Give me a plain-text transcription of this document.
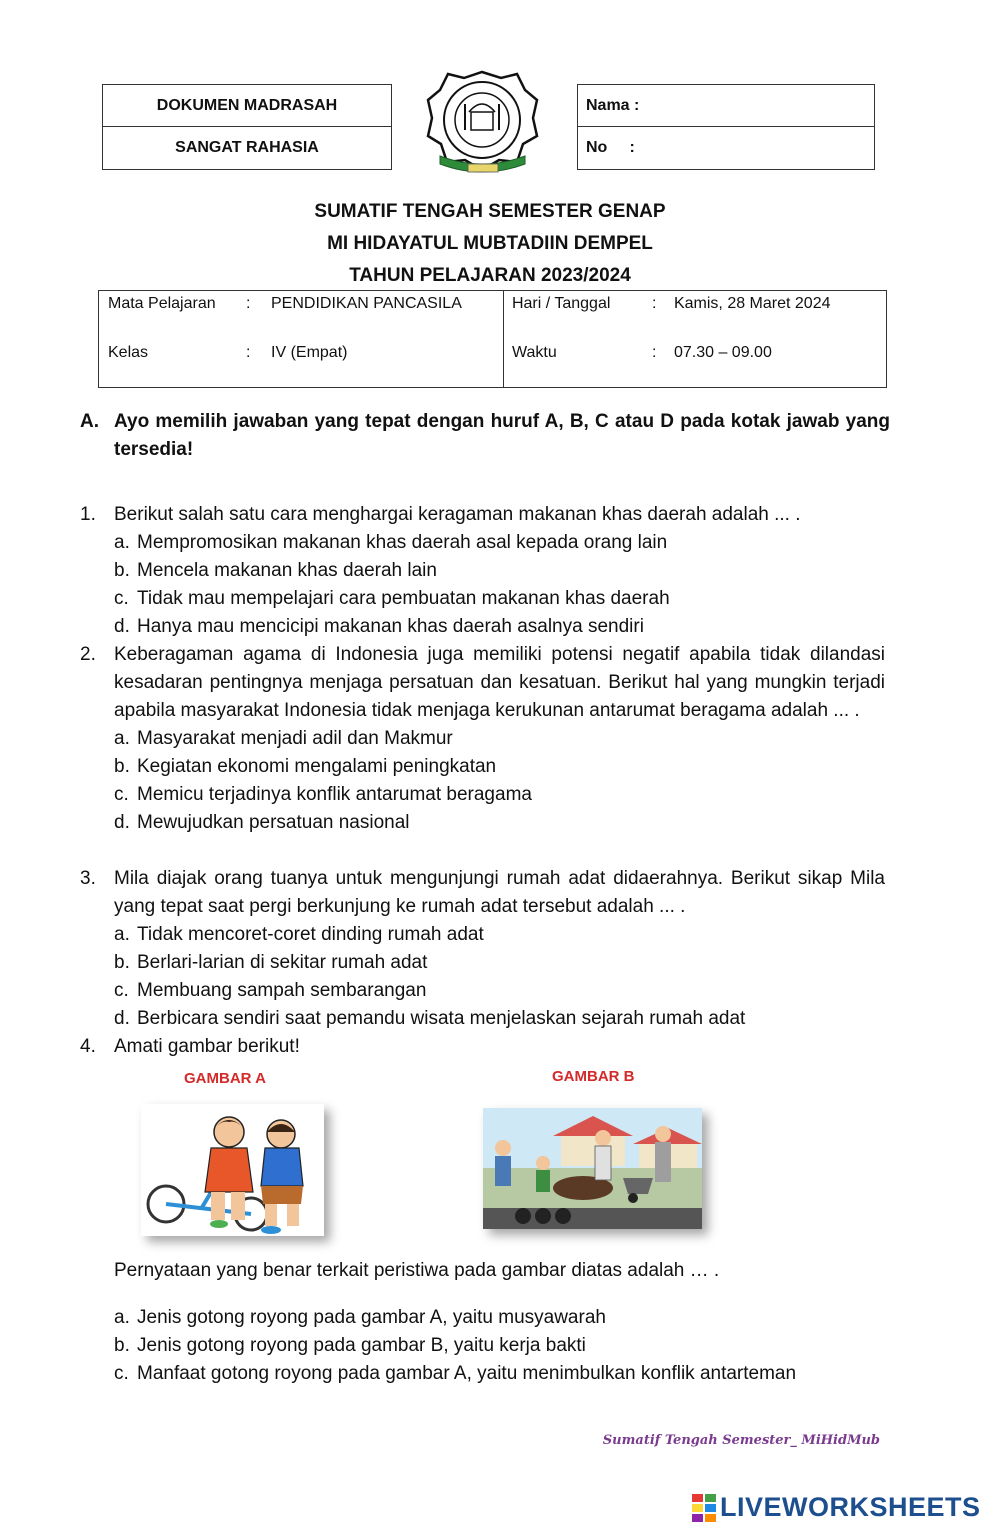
DOKUMEN MADRASAH
SANGAT RAHASIA
Nama :
No     :
SUMATIF TENGAH SEMESTER GENAP
MI HIDAYATUL MUBTADIIN DEMPEL
TAHUN PELAJARAN 2023/2024
Mata Pelajaran : PENDIDIKAN PANCASILA
Kelas	: IV (Empat)
Hari / Tanggal	: Kamis, 28 Maret 2024
Waktu	: 07.30 – 09.00
A. Ayo memilih jawaban yang tepat dengan huruf A, B, C atau D pada kotak jawab yang tersedia!
1. Berikut salah satu cara menghargai keragaman makanan khas daerah adalah ... .
a. Mempromosikan makanan khas daerah asal kepada orang lain
b. Mencela makanan khas daerah lain
c. Tidak mau mempelajari cara pembuatan makanan khas daerah
d. Hanya mau mencicipi makanan khas daerah asalnya sendiri
2. Keberagaman agama di Indonesia juga memiliki potensi negatif apabila tidak dilandasi kesadaran pentingnya menjaga persatuan dan kesatuan. Berikut hal yang mungkin terjadi apabila masyarakat Indonesia tidak menjaga kerukunan antarumat beragama adalah ... .
a. Masyarakat menjadi adil dan Makmur
b. Kegiatan ekonomi mengalami peningkatan
c. Memicu terjadinya konflik antarumat beragama
d. Mewujudkan persatuan nasional
3. Mila diajak orang tuanya untuk mengunjungi rumah adat didaerahnya. Berikut sikap Mila yang tepat saat pergi berkunjung ke rumah adat tersebut adalah ... .
a. Tidak mencoret-coret dinding rumah adat
b. Berlari-larian di sekitar rumah adat
c. Membuang sampah sembarangan
d. Berbicara sendiri saat pemandu wisata menjelaskan sejarah rumah adat
4. Amati gambar berikut!
GAMBAR A	GAMBAR B
Pernyataan yang benar terkait peristiwa pada gambar diatas adalah … .
a. Jenis gotong royong pada gambar A, yaitu musyawarah
b. Jenis gotong royong pada gambar B, yaitu kerja bakti
c. Manfaat gotong royong pada gambar A, yaitu menimbulkan konflik antarteman
Sumatif Tengah Semester_ MiHidMub
LIVEWORKSHEETS
